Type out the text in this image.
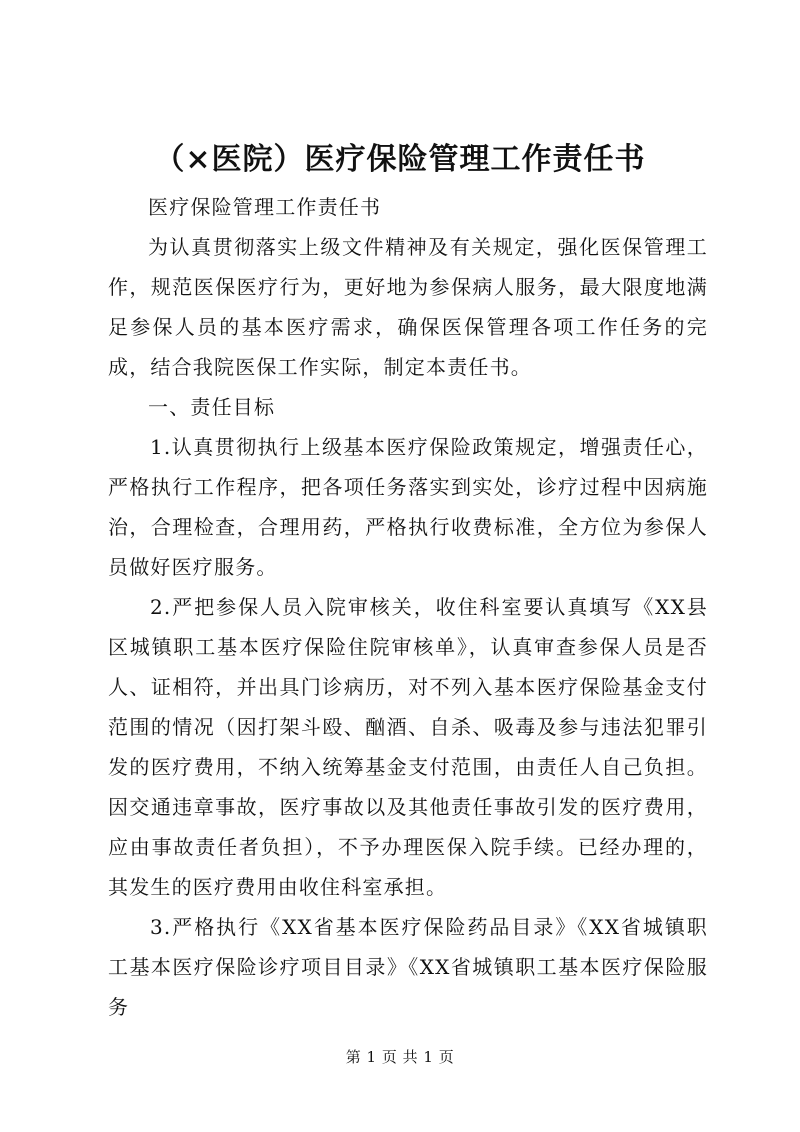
（×医院）医疗保险管理工作责任书

医疗保险管理工作责任书

为认真贯彻落实上级文件精神及有关规定，强化医保管理工作，规范医保医疗行为，更好地为参保病人服务，最大限度地满足参保人员的基本医疗需求，确保医保管理各项工作任务的完成，结合我院医保工作实际，制定本责任书。

一、责任目标

1.认真贯彻执行上级基本医疗保险政策规定，增强责任心，严格执行工作程序，把各项任务落实到实处，诊疗过程中因病施治，合理检查，合理用药，严格执行收费标准，全方位为参保人员做好医疗服务。

2.严把参保人员入院审核关，收住科室要认真填写《XX县区城镇职工基本医疗保险住院审核单》，认真审查参保人员是否人、证相符，并出具门诊病历，对不列入基本医疗保险基金支付范围的情况（因打架斗殴、酗酒、自杀、吸毒及参与违法犯罪引发的医疗费用，不纳入统筹基金支付范围，由责任人自己负担。因交通违章事故，医疗事故以及其他责任事故引发的医疗费用，应由事故责任者负担），不予办理医保入院手续。已经办理的，其发生的医疗费用由收住科室承担。

3.严格执行《XX省基本医疗保险药品目录》《XX省城镇职工基本医疗保险诊疗项目目录》《XX省城镇职工基本医疗保险服务

第 1 页 共 1 页
